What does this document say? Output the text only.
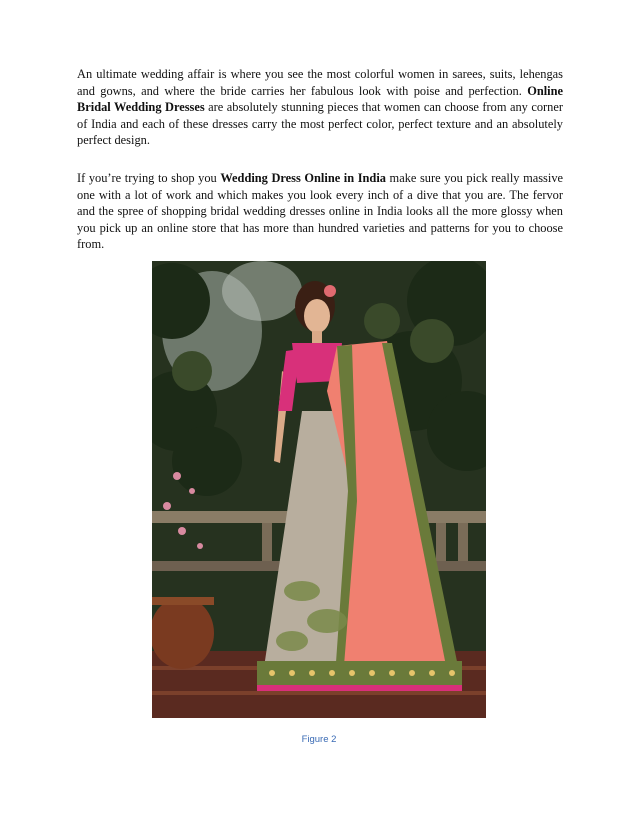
An ultimate wedding affair is where you see the most colorful women in sarees, suits, lehengas and gowns, and where the bride carries her fabulous look with poise and perfection. Online Bridal Wedding Dresses are absolutely stunning pieces that women can choose from any corner of India and each of these dresses carry the most perfect color, perfect texture and an absolutely perfect design.

If you’re trying to shop you Wedding Dress Online in India make sure you pick really massive one with a lot of work and which makes you look every inch of a dive that you are. The fervor and the spree of shopping bridal wedding dresses online in India looks all the more glossy when you pick up an online store that has more than hundred varieties and patterns for you to choose from.

Figure 2
